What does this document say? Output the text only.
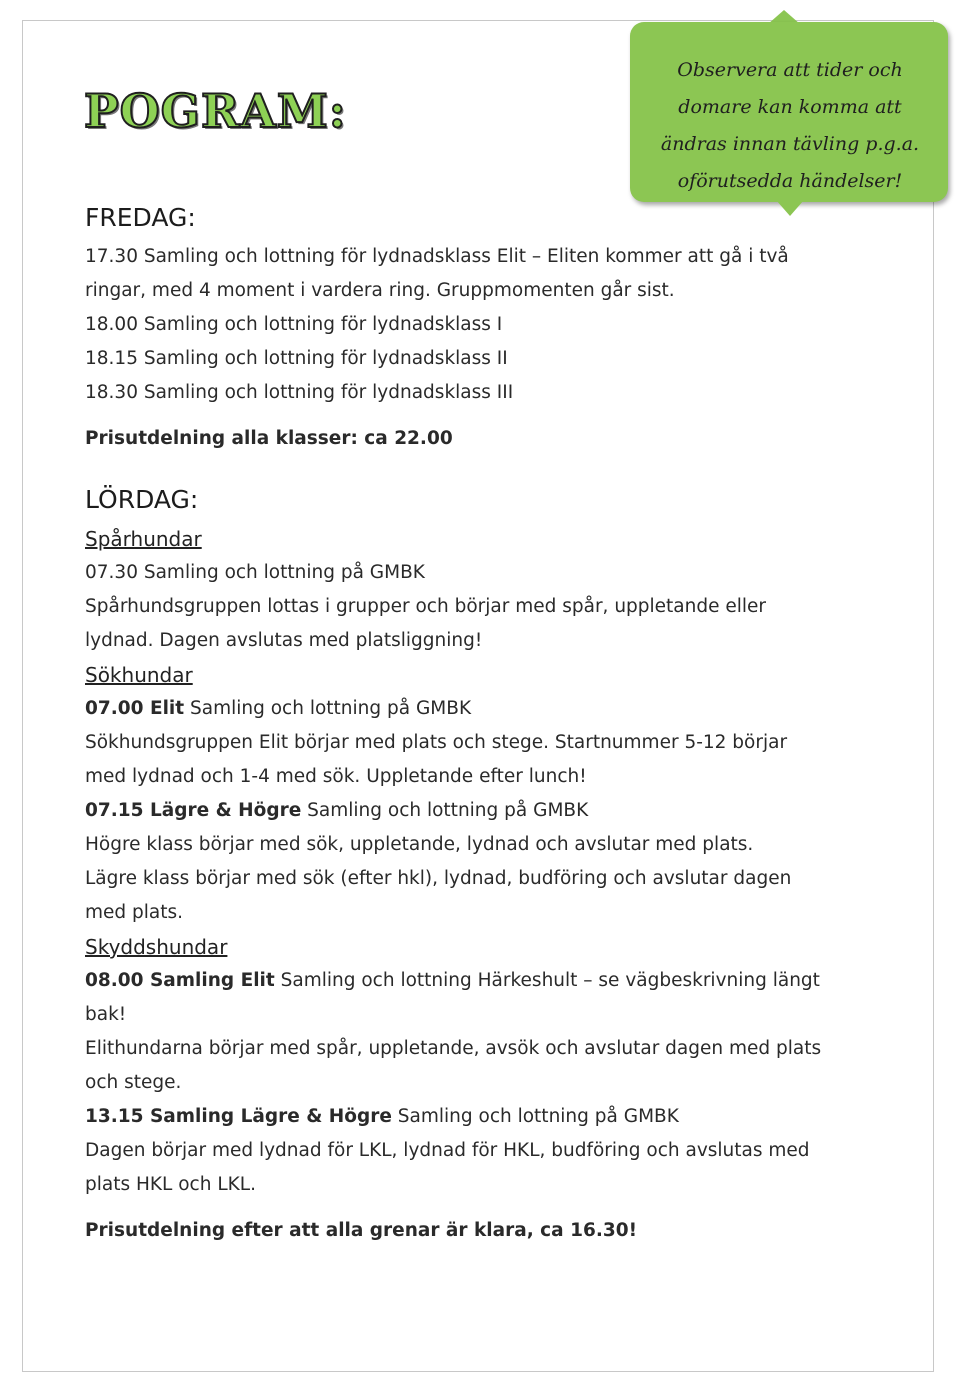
POGRAM:
Observera att tider och
domare kan komma att
ändras innan tävling p.g.a.
oförutsedda händelser!
FREDAG:

17.30 Samling och lottning för lydnadsklass Elit – Eliten kommer att gå i två

ringar, med 4 moment i vardera ring. Gruppmomenten går sist.

18.00 Samling och lottning för lydnadsklass I

18.15 Samling och lottning för lydnadsklass II

18.30 Samling och lottning för lydnadsklass III

Prisutdelning alla klasser: ca 22.00

LÖRDAG:

Spårhundar

07.30 Samling och lottning på GMBK

Spårhundsgruppen lottas i grupper och börjar med spår, uppletande eller

lydnad. Dagen avslutas med platsliggning!

Sökhundar

07.00 Elit Samling och lottning på GMBK

Sökhundsgruppen Elit börjar med plats och stege. Startnummer 5-12 börjar

med lydnad och 1-4 med sök. Uppletande efter lunch!

07.15 Lägre & Högre Samling och lottning på GMBK

Högre klass börjar med sök, uppletande, lydnad och avslutar med plats.

Lägre klass börjar med sök (efter hkl), lydnad, budföring och avslutar dagen

med plats.

Skyddshundar

08.00 Samling Elit Samling och lottning Härkeshult – se vägbeskrivning längt

bak!

Elithundarna börjar med spår, uppletande, avsök och avslutar dagen med plats

och stege.

13.15 Samling Lägre & Högre Samling och lottning på GMBK

Dagen börjar med lydnad för LKL, lydnad för HKL, budföring och avslutas med

plats HKL och LKL.

Prisutdelning efter att alla grenar är klara, ca 16.30!
